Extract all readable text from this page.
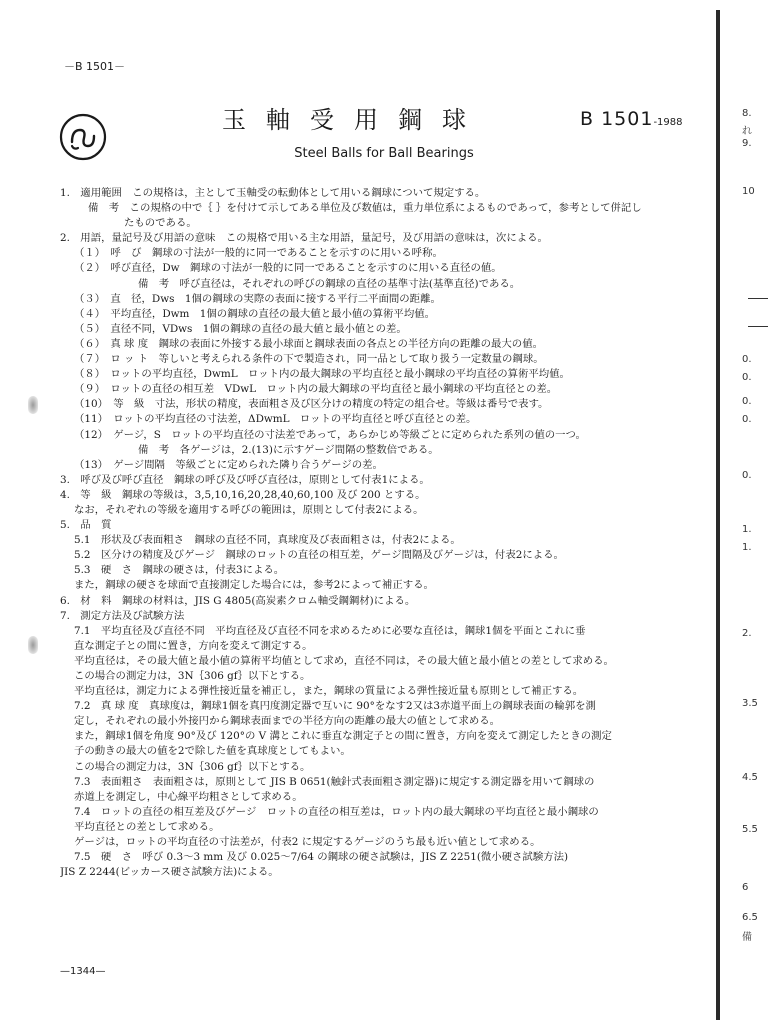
－B 1501－
玉軸受用鋼球	B 1501-1988
Steel Balls for Ball Bearings
1.　適用範囲　この規格は，主として玉軸受の転動体として用いる鋼球について規定する。
備　考　この規格の中で｛ ｝を付けて示してある単位及び数値は，重力単位系によるものであって，参考として併記し
たものである。
2.　用語，量記号及び用語の意味　この規格で用いる主な用語，量記号，及び用語の意味は，次による。
（１）　呼　び　鋼球の寸法が一般的に同一であることを示すのに用いる呼称。
（２）　呼び直径，Dw　鋼球の寸法が一般的に同一であることを示すのに用いる直径の値。
備　考　呼び直径は，それぞれの呼びの鋼球の直径の基準寸法(基準直径)である。
（３）　直　径，Dws　1個の鋼球の実際の表面に接する平行二平面間の距離。
（４）　平均直径，Dwm　1個の鋼球の直径の最大値と最小値の算術平均値。
（５）　直径不同，VDws　1個の鋼球の直径の最大値と最小値との差。
（６）　真 球 度　鋼球の表面に外接する最小球面と鋼球表面の各点との半径方向の距離の最大の値。
（７）　ロ ッ ト　等しいと考えられる条件の下で製造され，同一品として取り扱う一定数量の鋼球。
（８）　ロットの平均直径，DwmL　ロット内の最大鋼球の平均直径と最小鋼球の平均直径の算術平均値。
（９）　ロットの直径の相互差　VDwL　ロット内の最大鋼球の平均直径と最小鋼球の平均直径との差。
（10）　等　級　寸法，形状の精度，表面粗さ及び区分けの精度の特定の組合せ。等級は番号で表す。
（11）　ロットの平均直径の寸法差，ΔDwmL　ロットの平均直径と呼び直径との差。
（12）　ゲージ，S　ロットの平均直径の寸法差であって，あらかじめ等級ごとに定められた系列の値の一つ。
備　考　各ゲージは，2.(13)に示すゲージ間隔の整数倍である。
（13）　ゲージ間隔　等級ごとに定められた隣り合うゲージの差。
3.　呼び及び呼び直径　鋼球の呼び及び呼び直径は，原則として付表1による。
4.　等　級　鋼球の等級は，3,5,10,16,20,28,40,60,100 及び 200 とする。
なお，それぞれの等級を適用する呼びの範囲は，原則として付表2による。
5.　品　質
5.1　形状及び表面粗さ　鋼球の直径不同，真球度及び表面粗さは，付表2による。
5.2　区分けの精度及びゲージ　鋼球のロットの直径の相互差，ゲージ間隔及びゲージは，付表2による。
5.3　硬　さ　鋼球の硬さは，付表3による。
また，鋼球の硬さを球面で直接測定した場合には，参考2によって補正する。
6.　材　料　鋼球の材料は，JIS G 4805(高炭素クロム軸受鋼鋼材)による。
7.　測定方法及び試験方法
7.1　平均直径及び直径不同　平均直径及び直径不同を求めるために必要な直径は，鋼球1個を平面とこれに垂
直な測定子との間に置き，方向を変えて測定する。
平均直径は，その最大値と最小値の算術平均値として求め，直径不同は，その最大値と最小値との差として求める。
この場合の測定力は，3N｛306 gf｝以下とする。
平均直径は，測定力による弾性接近量を補正し，また，鋼球の質量による弾性接近量も原則として補正する。
7.2　真 球 度　真球度は，鋼球1個を真円度測定器で互いに 90°をなす2又は3赤道平面上の鋼球表面の輪郭を測
定し，それぞれの最小外接円から鋼球表面までの半径方向の距離の最大の値として求める。
また，鋼球1個を角度 90°及び 120°の V 溝とこれに垂直な測定子との間に置き，方向を変えて測定したときの測定
子の動きの最大の値を2で除した値を真球度としてもよい。
この場合の測定力は，3N｛306 gf｝以下とする。
7.3　表面粗さ　表面粗さは，原則として JIS B 0651(触針式表面粗さ測定器)に規定する測定器を用いて鋼球の
赤道上を測定し，中心線平均粗さとして求める。
7.4　ロットの直径の相互差及びゲージ　ロットの直径の相互差は，ロット内の最大鋼球の平均直径と最小鋼球の
平均直径との差として求める。
ゲージは，ロットの平均直径の寸法差が，付表2 に規定するゲージのうち最も近い値として求める。
7.5　硬　さ　呼び 0.3～3 mm 及び 0.025～7/64 の鋼球の硬さ試験は，JIS Z 2251(微小硬さ試験方法)
JIS Z 2244(ビッカース硬さ試験方法)による。
—1344—
8.
れ
9.
10
0.
0.
0.
0.
0.
1.
1.
2.
3.5
4.5
5.5
6
6.5
備
